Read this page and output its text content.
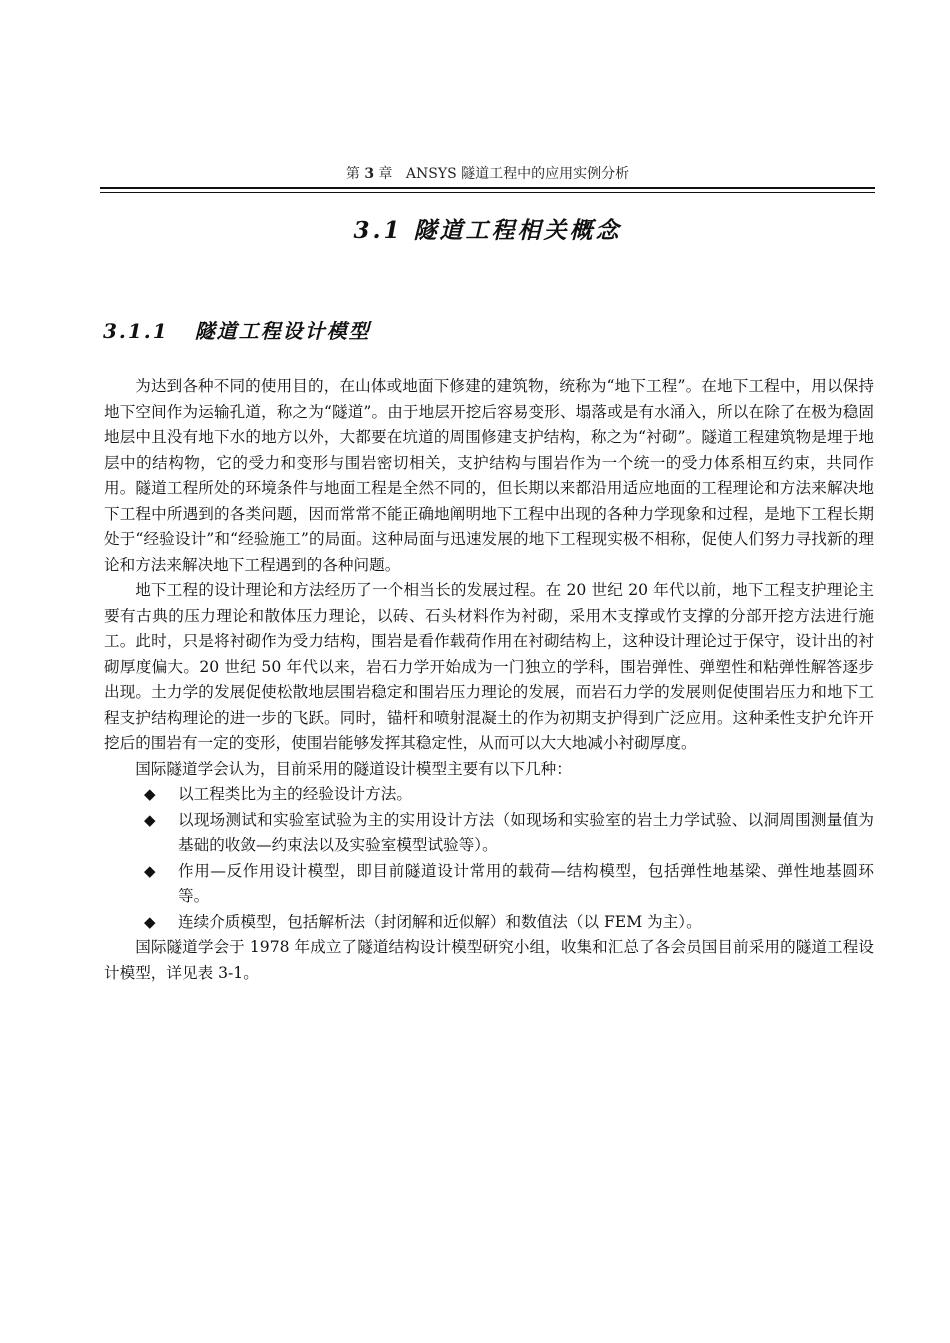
第 3 章 ANSYS 隧道工程中的应用实例分析
3.1 隧道工程相关概念
3.1.1 隧道工程设计模型

为达到各种不同的使用目的，在山体或地面下修建的建筑物，统称为“地下工程”。在地下工程中，用以保持地下空间作为运输孔道，称之为“隧道”。由于地层开挖后容易变形、塌落或是有水涌入，所以在除了在极为稳固地层中且没有地下水的地方以外，大都要在坑道的周围修建支护结构，称之为“衬砌”。隧道工程建筑物是埋于地层中的结构物，它的受力和变形与围岩密切相关，支护结构与围岩作为一个统一的受力体系相互约束，共同作用。隧道工程所处的环境条件与地面工程是全然不同的，但长期以来都沿用适应地面的工程理论和方法来解决地下工程中所遇到的各类问题，因而常常不能正确地阐明地下工程中出现的各种力学现象和过程，是地下工程长期处于“经验设计”和“经验施工”的局面。这种局面与迅速发展的地下工程现实极不相称，促使人们努力寻找新的理论和方法来解决地下工程遇到的各种问题。

地下工程的设计理论和方法经历了一个相当长的发展过程。在 20 世纪 20 年代以前，地下工程支护理论主要有古典的压力理论和散体压力理论，以砖、石头材料作为衬砌，采用木支撑或竹支撑的分部开挖方法进行施工。此时，只是将衬砌作为受力结构，围岩是看作载荷作用在衬砌结构上，这种设计理论过于保守，设计出的衬砌厚度偏大。20 世纪 50 年代以来，岩石力学开始成为一门独立的学科，围岩弹性、弹塑性和粘弹性解答逐步出现。土力学的发展促使松散地层围岩稳定和围岩压力理论的发展，而岩石力学的发展则促使围岩压力和地下工程支护结构理论的进一步的飞跃。同时，锚杆和喷射混凝土的作为初期支护得到广泛应用。这种柔性支护允许开挖后的围岩有一定的变形，使围岩能够发挥其稳定性，从而可以大大地减小衬砌厚度。

国际隧道学会认为，目前采用的隧道设计模型主要有以下几种：

◆ 以工程类比为主的经验设计方法。
◆ 以现场测试和实验室试验为主的实用设计方法（如现场和实验室的岩土力学试验、以洞周围测量值为基础的收敛—约束法以及实验室模型试验等）。
◆ 作用—反作用设计模型，即目前隧道设计常用的载荷—结构模型，包括弹性地基梁、弹性地基圆环等。
◆ 连续介质模型，包括解析法（封闭解和近似解）和数值法（以 FEM 为主）。

国际隧道学会于 1978 年成立了隧道结构设计模型研究小组，收集和汇总了各会员国目前采用的隧道工程设计模型，详见表 3-1。
